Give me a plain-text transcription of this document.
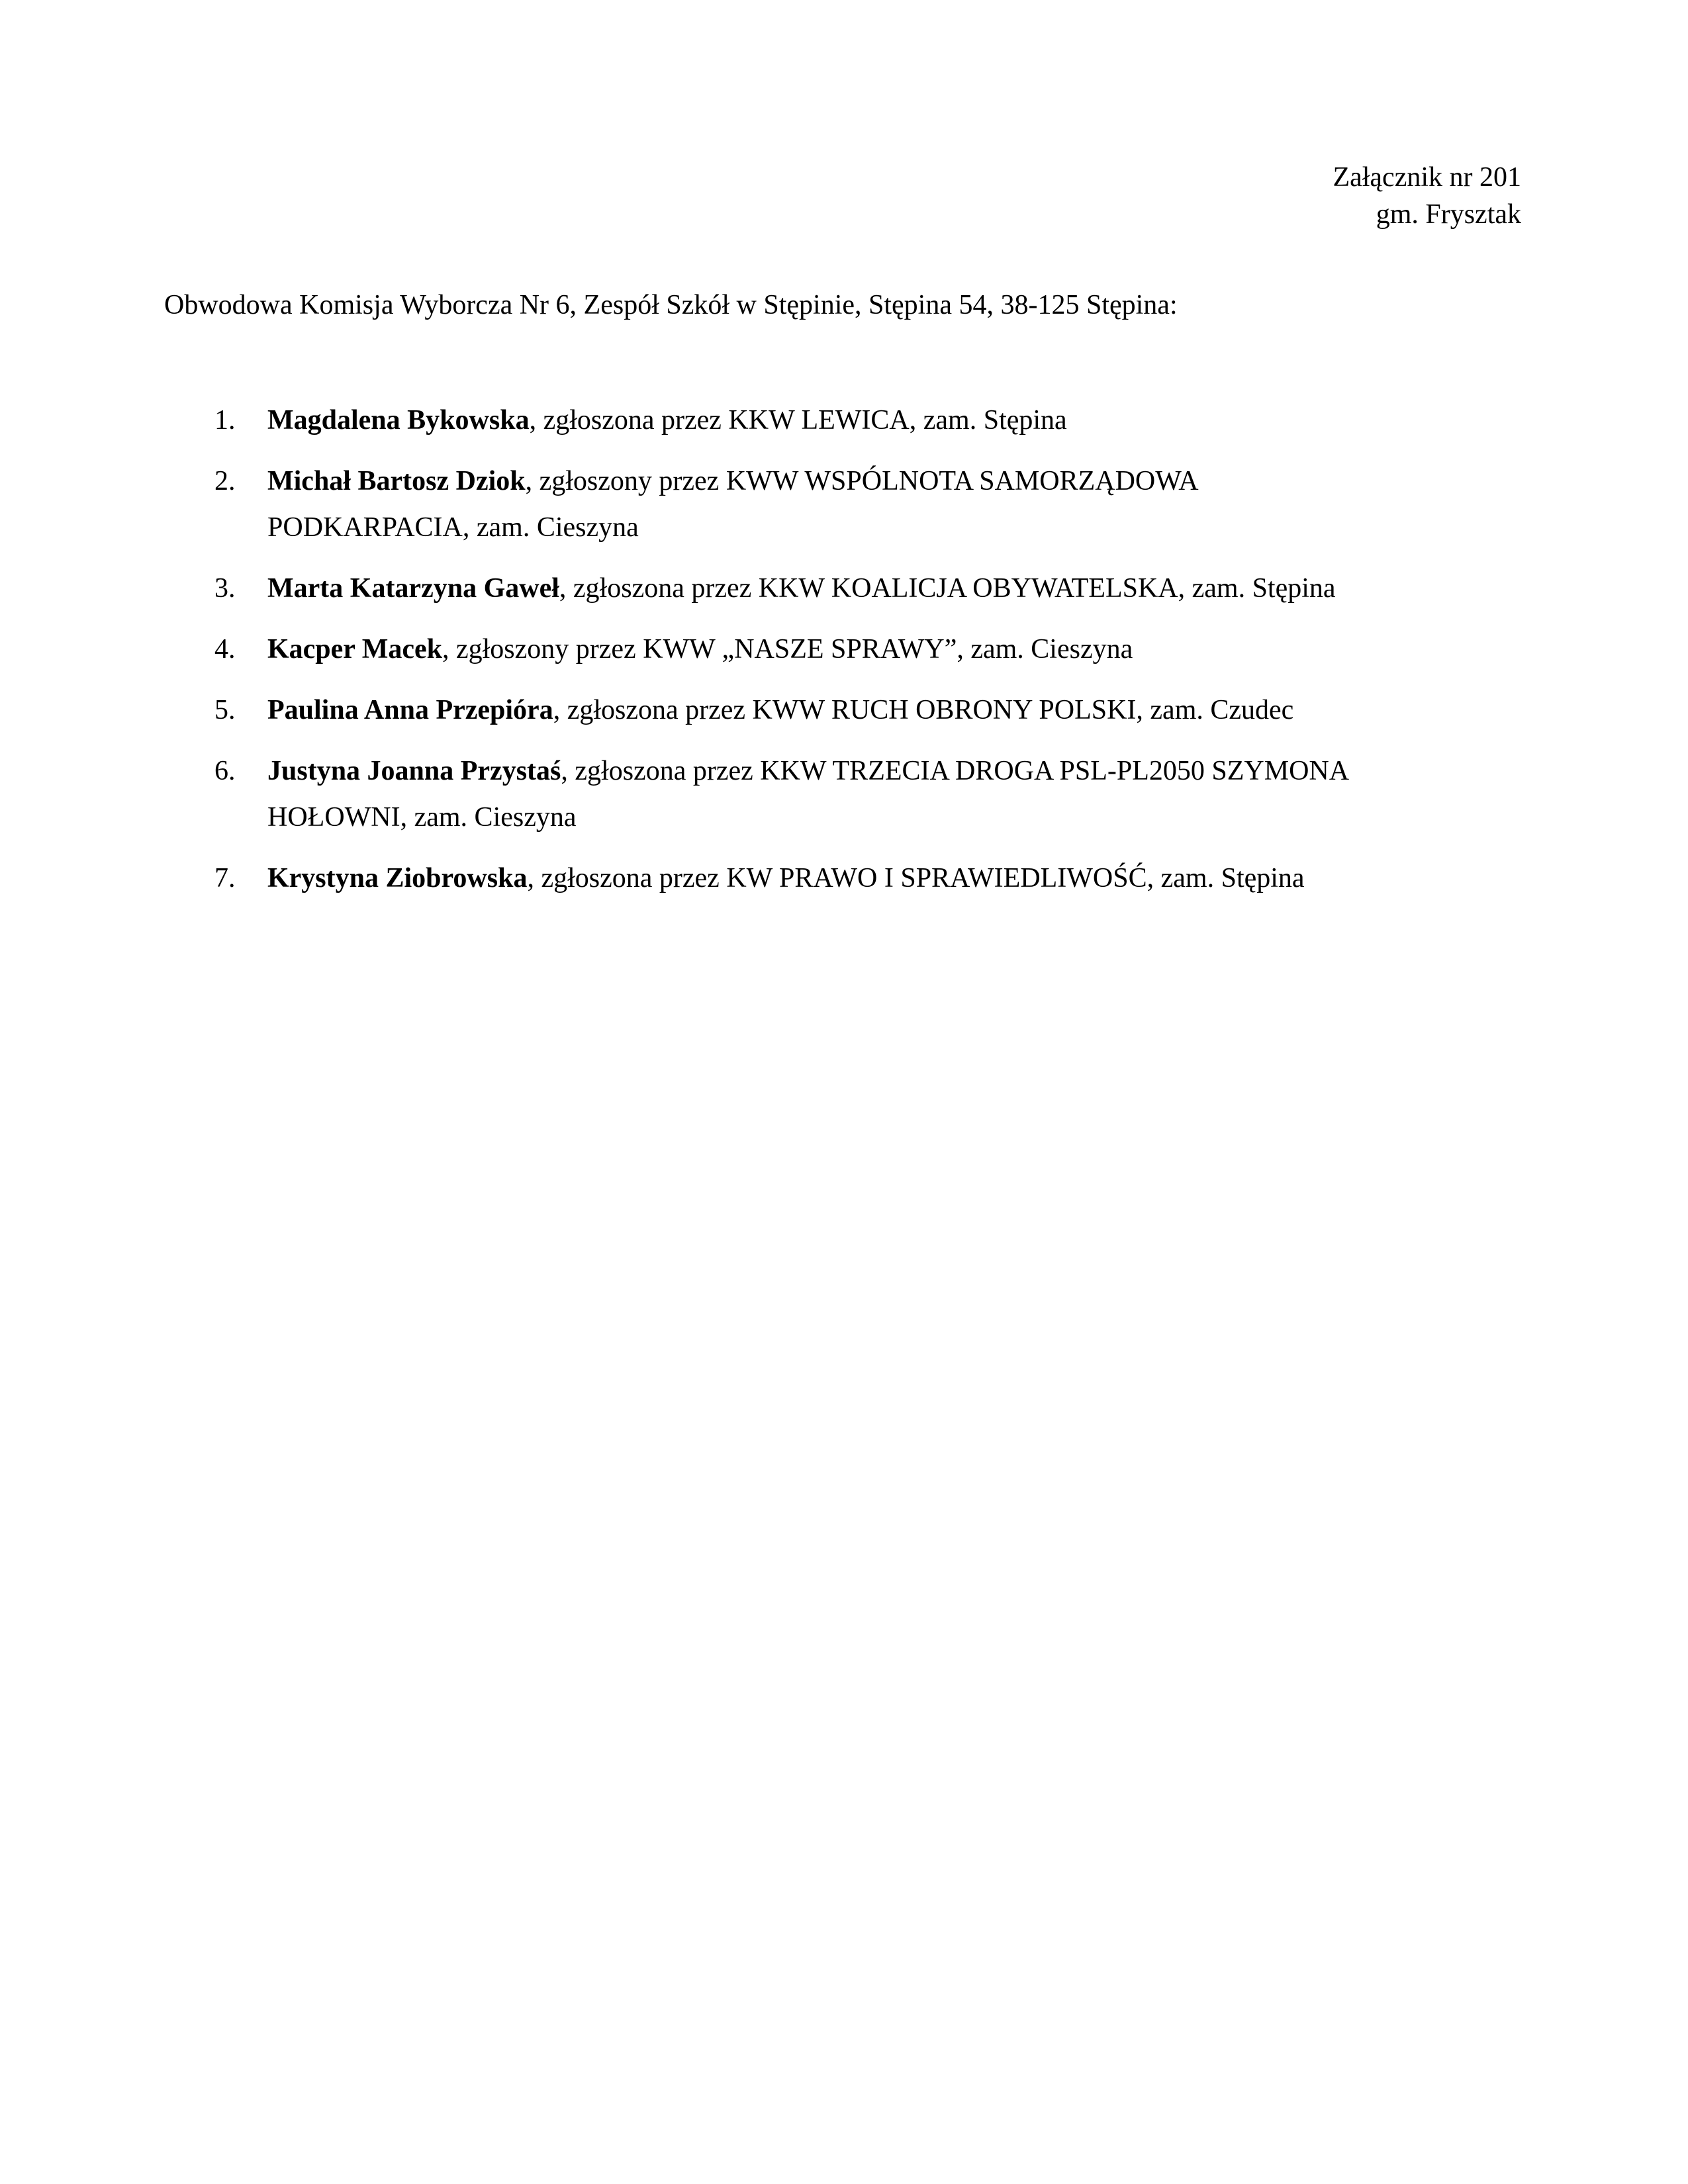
Załącznik nr 201
gm. Frysztak
Obwodowa Komisja Wyborcza Nr 6, Zespół Szkół w Stępinie, Stępina 54, 38-125 Stępina:
1. Magdalena Bykowska, zgłoszona przez KKW LEWICA, zam. Stępina
2. Michał Bartosz Dziok, zgłoszony przez KWW WSPÓLNOTA SAMORZĄDOWA
PODKARPACIA, zam. Cieszyna
3. Marta Katarzyna Gaweł, zgłoszona przez KKW KOALICJA OBYWATELSKA, zam. Stępina
4. Kacper Macek, zgłoszony przez KWW „NASZE SPRAWY”, zam. Cieszyna
5. Paulina Anna Przepióra, zgłoszona przez KWW RUCH OBRONY POLSKI, zam. Czudec
6. Justyna Joanna Przystaś, zgłoszona przez KKW TRZECIA DROGA PSL-PL2050 SZYMONA
HOŁOWNI, zam. Cieszyna
7. Krystyna Ziobrowska, zgłoszona przez KW PRAWO I SPRAWIEDLIWOŚĆ, zam. Stępina
